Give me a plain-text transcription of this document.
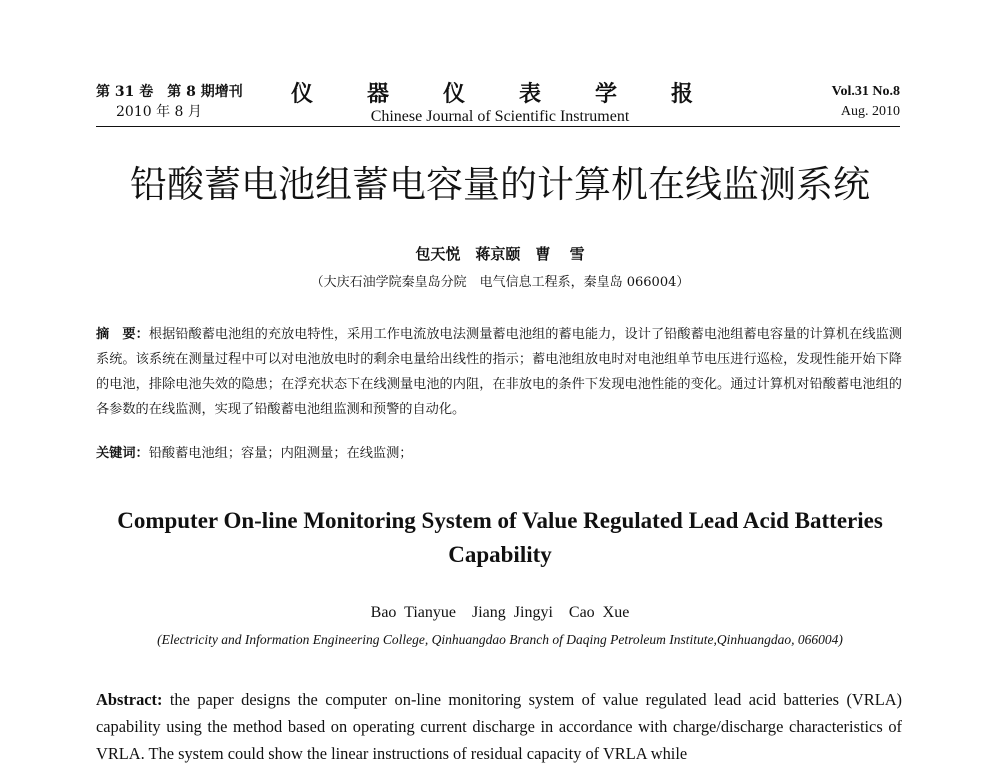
第 31 卷　第 8 期增刊
2010 年 8 月
仪　器　仪　表　学　报
Chinese Journal of Scientific Instrument
Vol.31 No.8
Aug. 2010
铅酸蓄电池组蓄电容量的计算机在线监测系统
包天悦　蒋京颐　曹 雪
（大庆石油学院秦皇岛分院　电气信息工程系，秦皇岛 066004）
摘　要：根据铅酸蓄电池组的充放电特性，采用工作电流放电法测量蓄电池组的蓄电能力，设计了铅酸蓄电池组蓄电容量的计算机在线监测系统。该系统在测量过程中可以对电池放电时的剩余电量给出线性的指示；蓄电池组放电时对电池组单节电压进行巡检，发现性能开始下降的电池，排除电池失效的隐患；在浮充状态下在线测量电池的内阻，在非放电的条件下发现电池性能的变化。通过计算机对铅酸蓄电池组的各参数的在线监测，实现了铅酸蓄电池组监测和预警的自动化。
关键词：铅酸蓄电池组；容量；内阻测量；在线监测；
Computer On-line Monitoring System of Value Regulated Lead Acid Batteries Capability
Bao Tianyue　Jiang Jingyi　Cao Xue
(Electricity and Information Engineering College, Qinhuangdao Branch of Daqing Petroleum Institute,Qinhuangdao, 066004)
Abstract: the paper designs the computer on-line monitoring system of value regulated lead acid batteries (VRLA) capability using the method based on operating current discharge in accordance with charge/discharge characteristics of VRLA. The system could show the linear instructions of residual capacity of VRLA while
